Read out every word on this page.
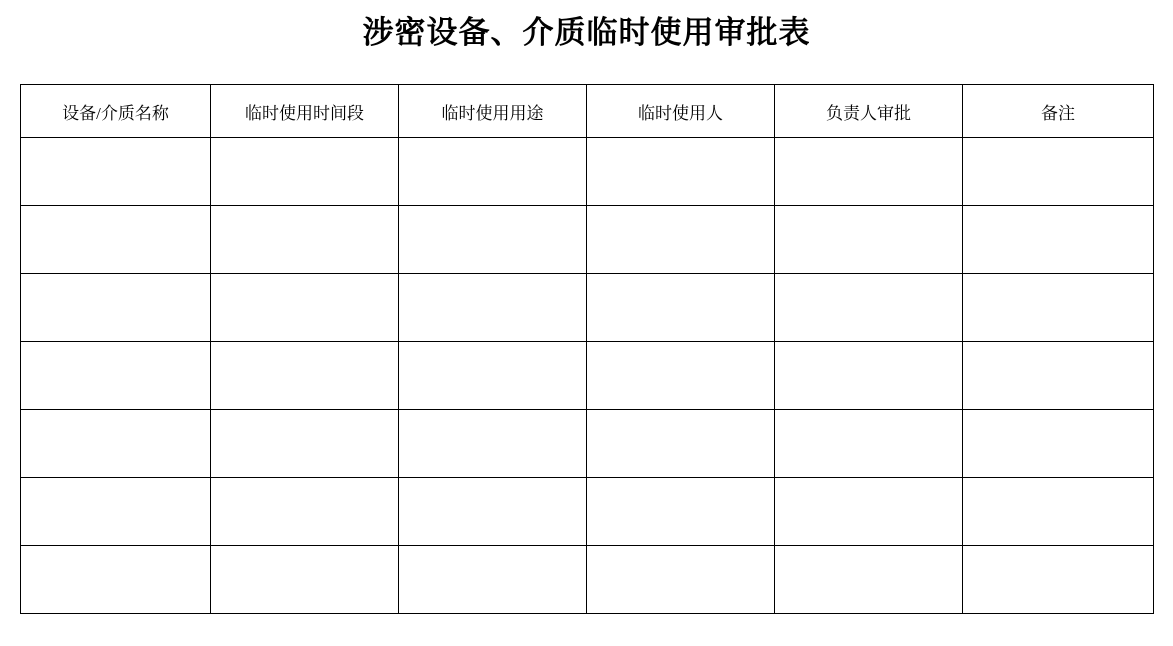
涉密设备、介质临时使用审批表
设备/介质名称	临时使用时间段	临时使用用途	临时使用人	负责人审批	备注
